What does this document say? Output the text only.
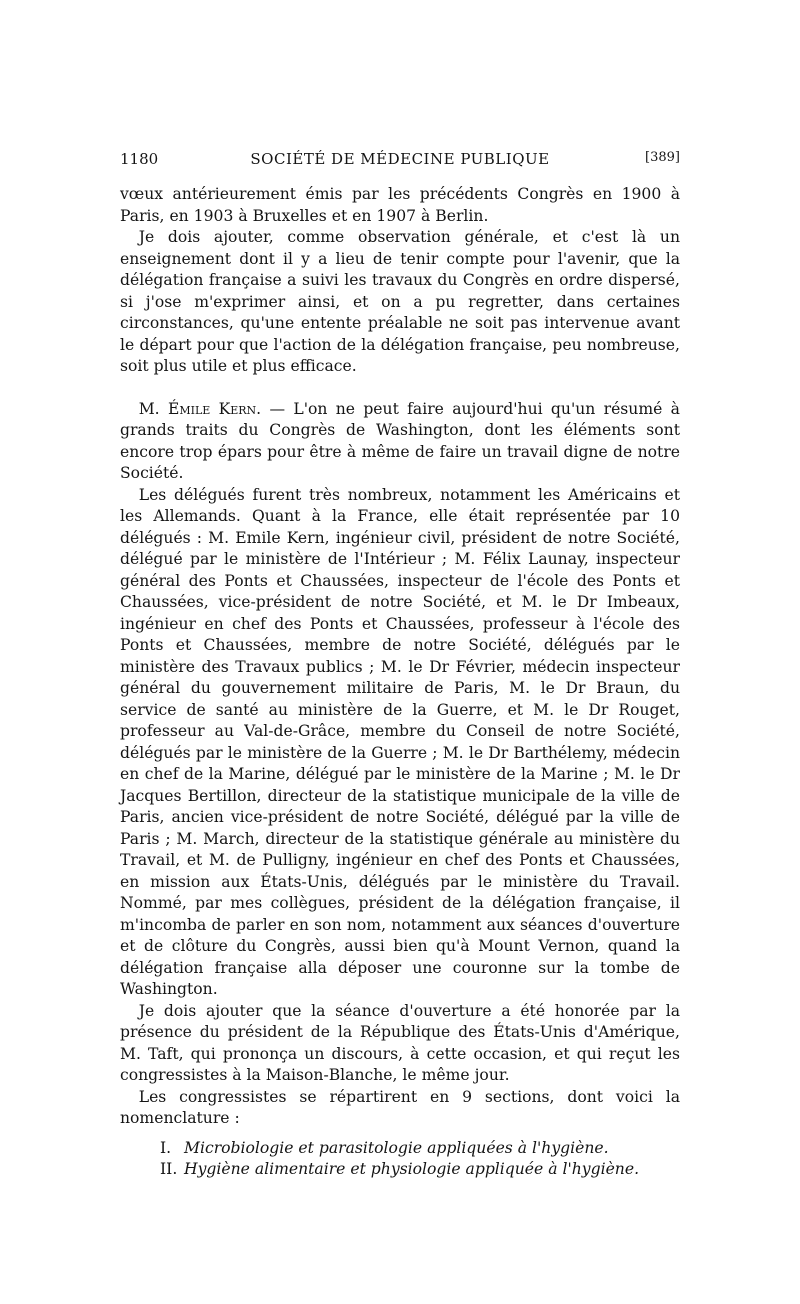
1180	SOCIÉTÉ DE MÉDECINE PUBLIQUE	[389]

vœux antérieurement émis par les précédents Congrès en 1900 à Paris, en 1903 à Bruxelles et en 1907 à Berlin.

Je dois ajouter, comme observation générale, et c'est là un enseignement dont il y a lieu de tenir compte pour l'avenir, que la délégation française a suivi les travaux du Congrès en ordre dispersé, si j'ose m'exprimer ainsi, et on a pu regretter, dans certaines circonstances, qu'une entente préalable ne soit pas intervenue avant le départ pour que l'action de la délégation française, peu nombreuse, soit plus utile et plus efficace.

M. Émile Kern. — L'on ne peut faire aujourd'hui qu'un résumé à grands traits du Congrès de Washington, dont les éléments sont encore trop épars pour être à même de faire un travail digne de notre Société.

Les délégués furent très nombreux, notamment les Américains et les Allemands. Quant à la France, elle était représentée par 10 délégués : M. Emile Kern, ingénieur civil, président de notre Société, délégué par le ministère de l'Intérieur ; M. Félix Launay, inspecteur général des Ponts et Chaussées, inspecteur de l'école des Ponts et Chaussées, vice-président de notre Société, et M. le Dr Imbeaux, ingénieur en chef des Ponts et Chaussées, professeur à l'école des Ponts et Chaussées, membre de notre Société, délégués par le ministère des Travaux publics ; M. le Dr Février, médecin inspecteur général du gouvernement militaire de Paris, M. le Dr Braun, du service de santé au ministère de la Guerre, et M. le Dr Rouget, professeur au Val-de-Grâce, membre du Conseil de notre Société, délégués par le ministère de la Guerre ; M. le Dr Barthélemy, médecin en chef de la Marine, délégué par le ministère de la Marine ; M. le Dr Jacques Bertillon, directeur de la statistique municipale de la ville de Paris, ancien vice-président de notre Société, délégué par la ville de Paris ; M. March, directeur de la statistique générale au ministère du Travail, et M. de Pulligny, ingénieur en chef des Ponts et Chaussées, en mission aux États-Unis, délégués par le ministère du Travail. Nommé, par mes collègues, président de la délégation française, il m'incomba de parler en son nom, notamment aux séances d'ouverture et de clôture du Congrès, aussi bien qu'à Mount Vernon, quand la délégation française alla déposer une couronne sur la tombe de Washington.

Je dois ajouter que la séance d'ouverture a été honorée par la présence du président de la République des États-Unis d'Amérique, M. Taft, qui prononça un discours, à cette occasion, et qui reçut les congressistes à la Maison-Blanche, le même jour.

Les congressistes se répartirent en 9 sections, dont voici la nomenclature :

I. Microbiologie et parasitologie appliquées à l'hygiène.
II. Hygiène alimentaire et physiologie appliquée à l'hygiène.
